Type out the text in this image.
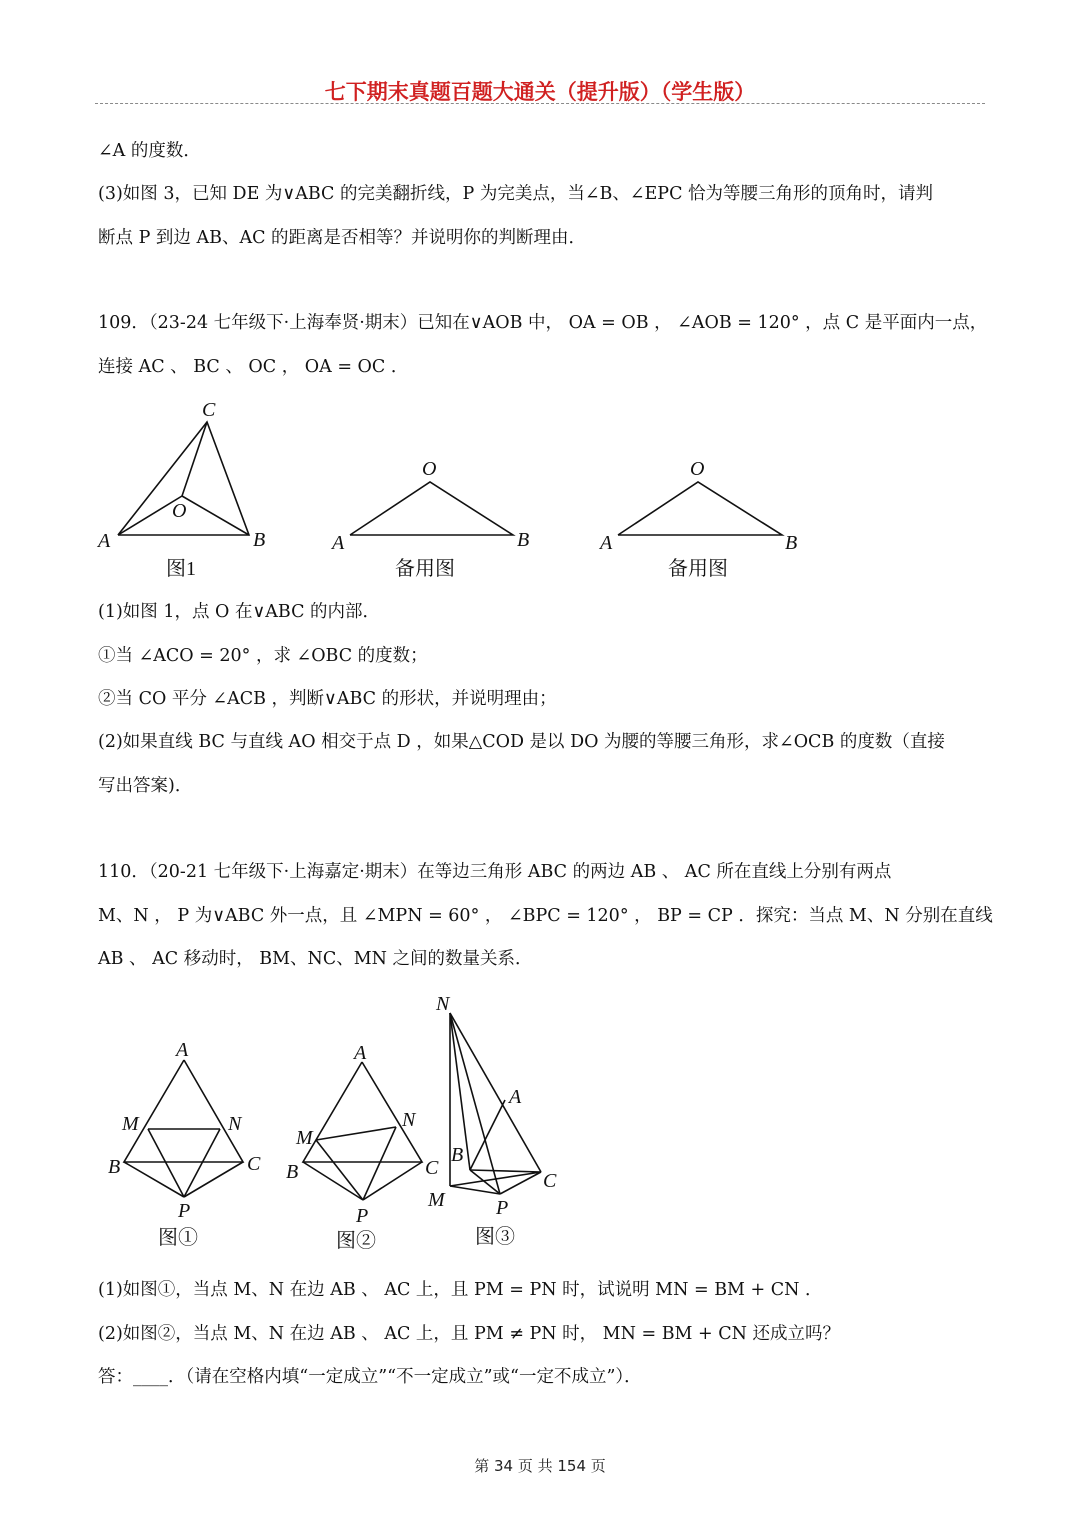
七下期末真题百题大通关（提升版）（学生版）
∠A 的度数．
(3)如图 3，已知 DE 为∨ABC 的完美翻折线，P 为完美点，当∠B、∠EPC 恰为等腰三角形的顶角时，请判
断点 P 到边 AB、AC 的距离是否相等？并说明你的判断理由．
109．（23-24 七年级下·上海奉贤·期末）已知在∨AOB 中， OA = OB ， ∠AOB = 120° ，点 C 是平面内一点，
连接 AC 、 BC 、 OC ， OA = OC ．
C
O
A	B
图1
O
A	B
备用图
O
A	B
备用图
(1)如图 1，点 O 在∨ABC 的内部．
①当 ∠ACO = 20° ，求 ∠OBC 的度数；
②当 CO 平分 ∠ACB ，判断∨ABC 的形状，并说明理由；
(2)如果直线 BC 与直线 AO 相交于点 D ，如果△COD 是以 DO 为腰的等腰三角形，求∠OCB 的度数（直接
写出答案)．
110．（20-21 七年级下·上海嘉定·期末）在等边三角形 ABC 的两边 AB 、 AC 所在直线上分别有两点
M、N ， P 为∨ABC 外一点，且 ∠MPN = 60° ， ∠BPC = 120° ， BP = CP ．探究：当点 M、N 分别在直线
AB 、 AC 移动时， BM、NC、MN 之间的数量关系．
A
M	N
B	C
P
图①
A
M
N
B	C
P
图②
N
A
B
C
M	P
图③
(1)如图①，当点 M、N 在边 AB 、 AC 上，且 PM = PN 时，试说明 MN = BM + CN ．
(2)如图②，当点 M、N 在边 AB 、 AC 上，且 PM ≠ PN 时， MN = BM + CN 还成立吗？
答：____．（请在空格内填“一定成立”“不一定成立”或“一定不成立”）．
第 34 页 共 154 页
